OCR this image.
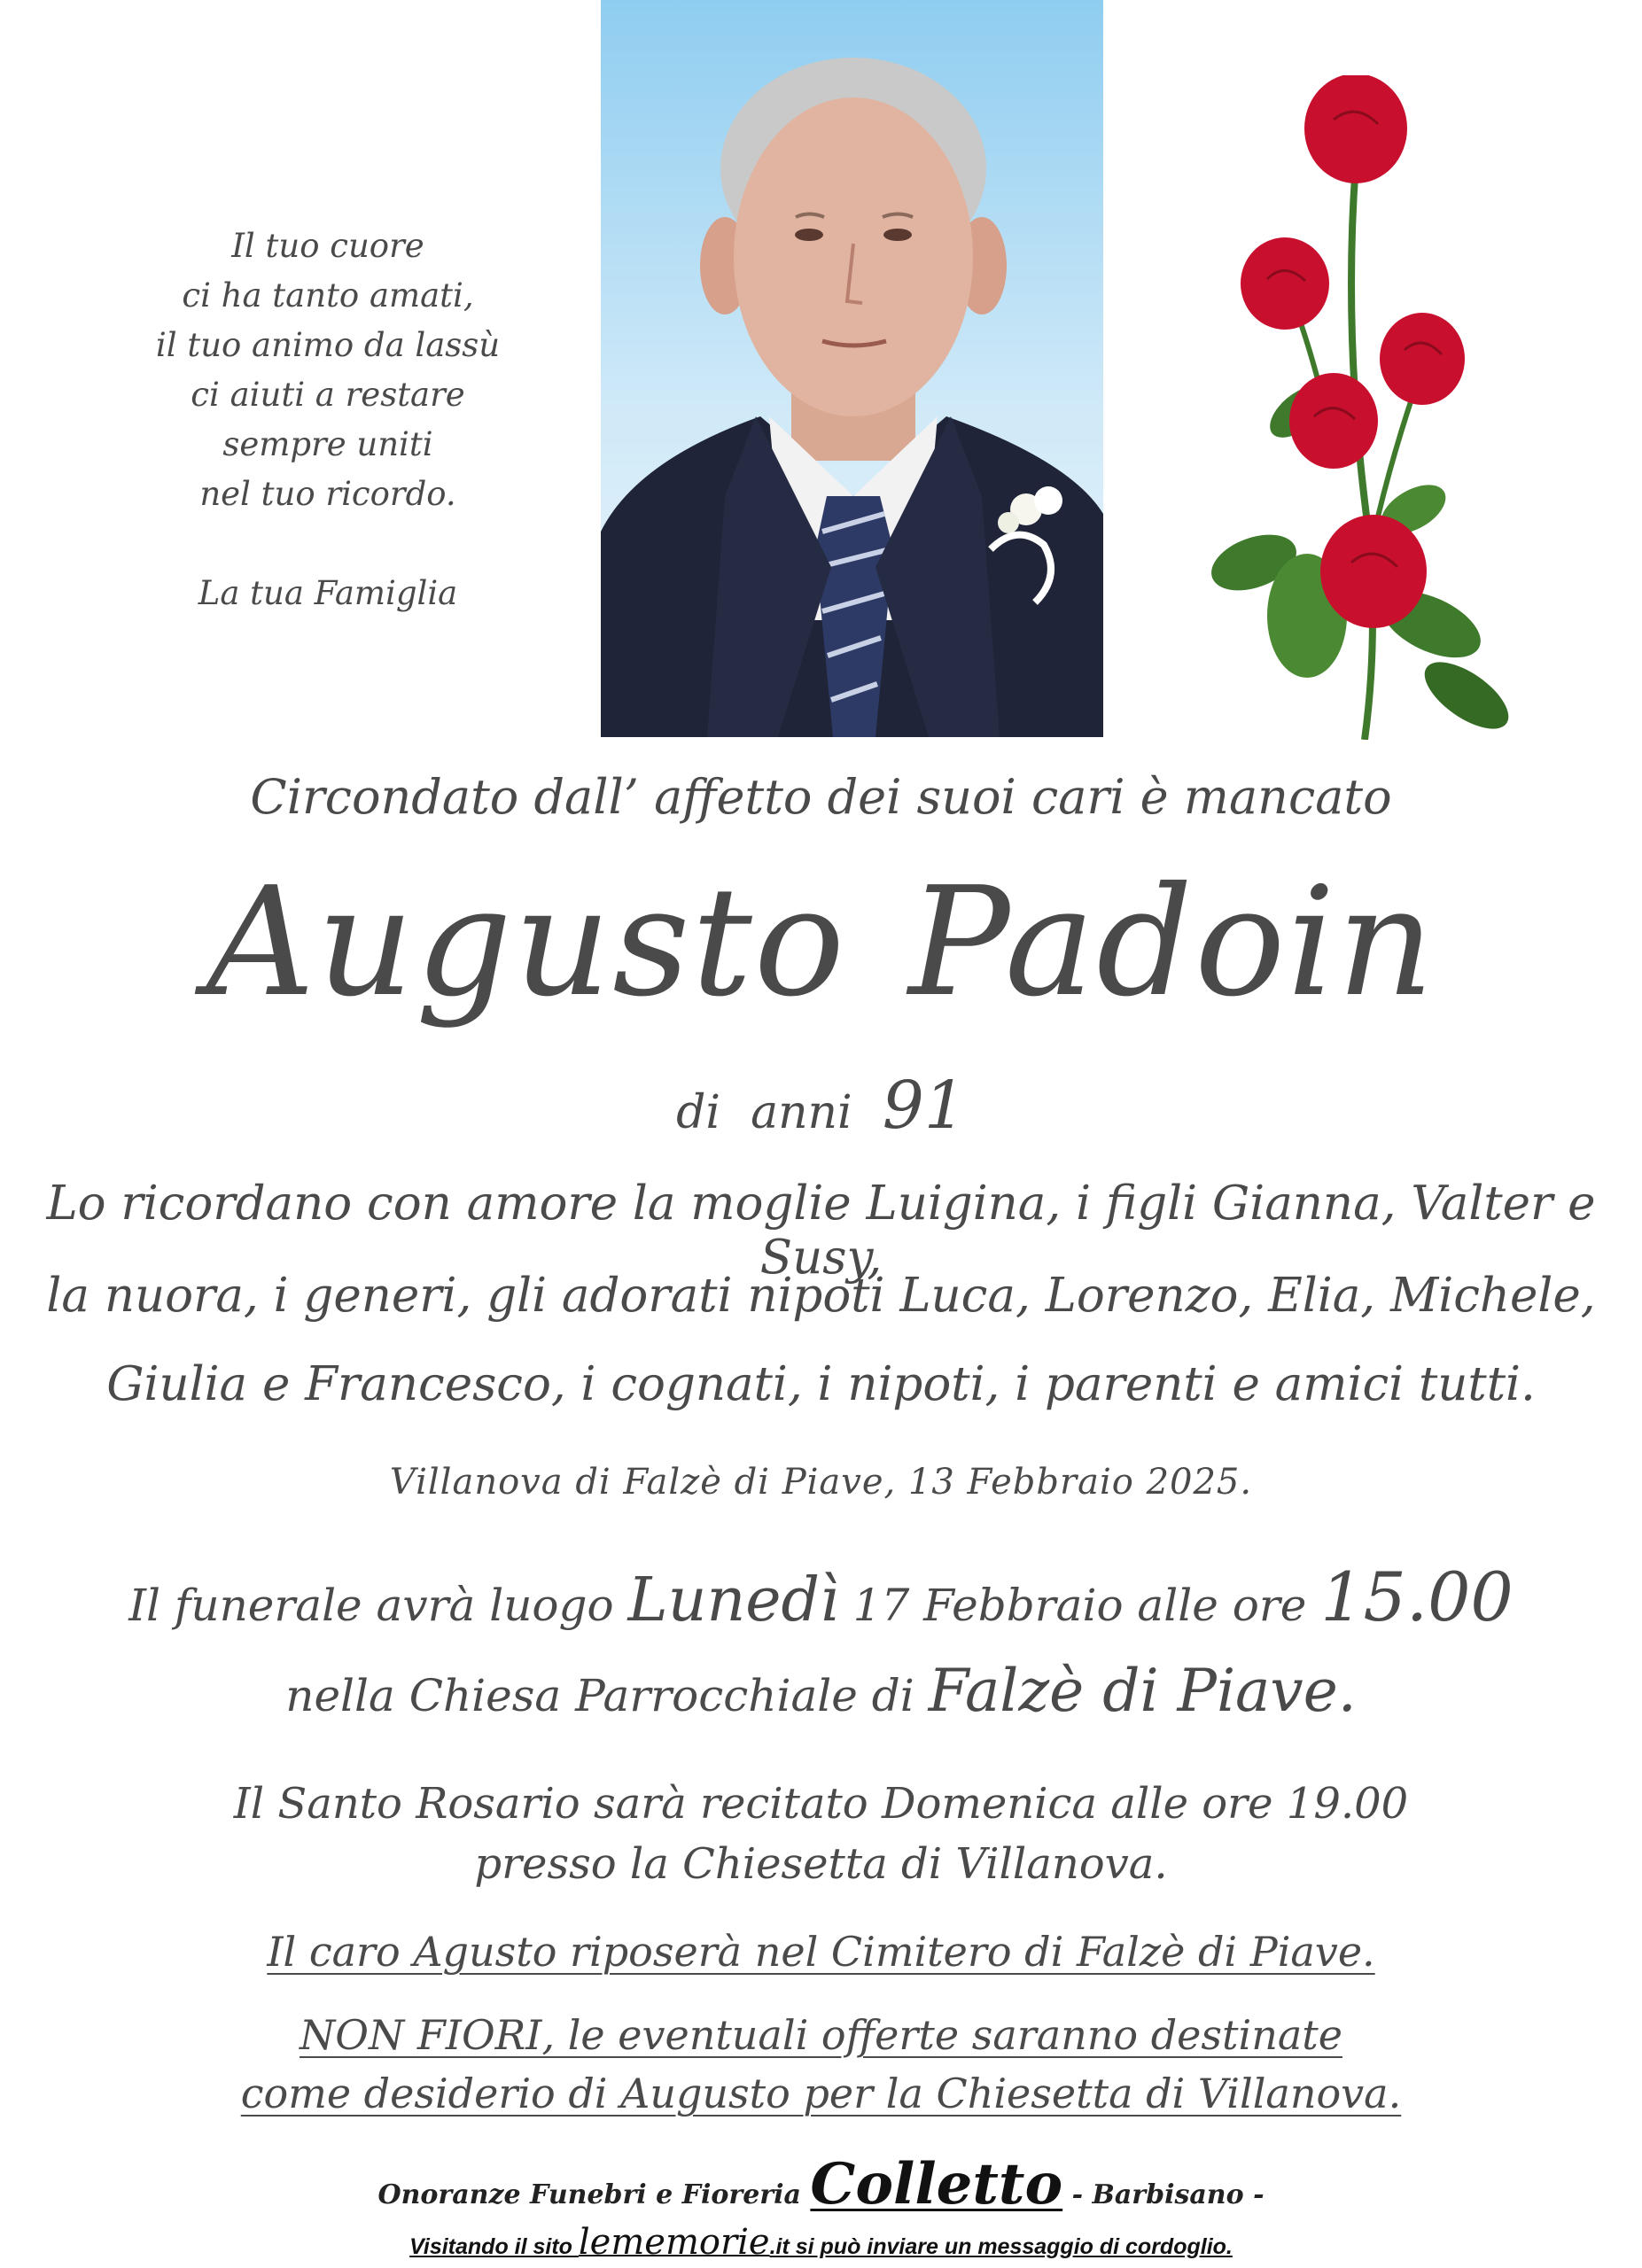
Il tuo cuore
ci ha tanto amati,
il tuo animo da lassù
ci aiuti a restare
sempre uniti
nel tuo ricordo.
La tua Famiglia
Circondato dall’ affetto dei suoi cari è mancato
Augusto Padoin
di anni 91
Lo ricordano con amore la moglie Luigina, i figli Gianna, Valter e Susy,
la nuora, i generi, gli adorati nipoti Luca, Lorenzo, Elia, Michele,
Giulia e Francesco, i cognati, i nipoti, i parenti e amici tutti.
Villanova di Falzè di Piave, 13 Febbraio 2025.
Il funerale avrà luogo Lunedì 17 Febbraio alle ore 15.00
nella Chiesa Parrocchiale di Falzè di Piave.
Il Santo Rosario sarà recitato Domenica alle ore 19.00
presso la Chiesetta di Villanova.
Il caro Agusto riposerà nel Cimitero di Falzè di Piave.
NON FIORI, le eventuali offerte saranno destinate
come desiderio di Augusto per la Chiesetta di Villanova.
Onoranze Funebri e Fioreria Colletto - Barbisano -
Visitando il sito lememorie.it si può inviare un messaggio di cordoglio.
